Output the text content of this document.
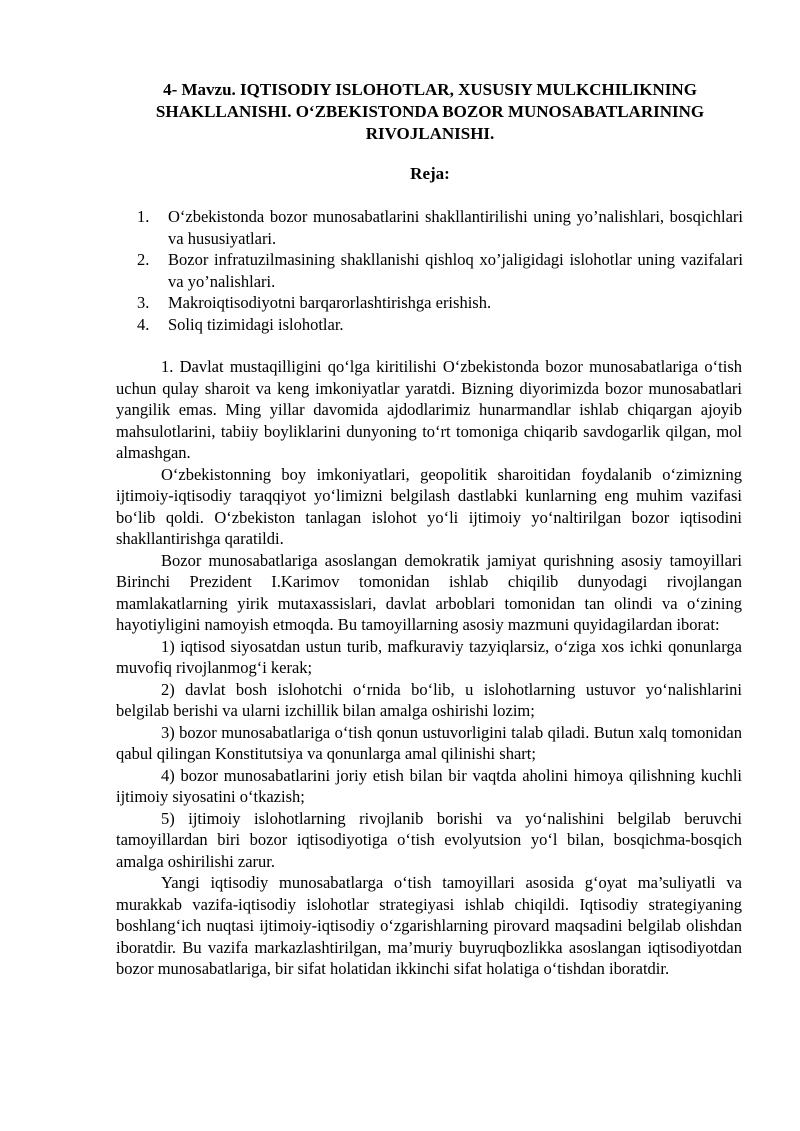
4- Mavzu. IQTISODIY ISLOHOTLAR, XUSUSIY MULKCHILIKNING
SHAKLLANISHI. O‘ZBEKISTONDA BOZOR MUNOSABATLARINING
RIVOJLANISHI.
Reja:
1. O‘zbekistonda bozor munosabatlarini shakllantirilishi uning yo’nalishlari, bosqichlari va hususiyatlari.
2. Bozor infratuzilmasining shakllanishi qishloq xo’jaligidagi islohotlar uning vazifalari va yo’nalishlari.
3. Makroiqtisodiyotni barqarorlashtirishga erishish.
4. Soliq tizimidagi islohotlar.

1. Davlat mustaqilligini qo‘lga kiritilishi O‘zbekistonda bozor munosabatlariga o‘tish uchun qulay sharoit va keng imkoniyatlar yaratdi. Bizning diyorimizda bozor munosabatlari yangilik emas. Ming yillar davomida ajdodlarimiz hunarmandlar ishlab chiqargan ajoyib mahsulotlarini, tabiiy boyliklarini dunyoning to‘rt tomoniga chiqarib savdogarlik qilgan, mol almashgan.

O‘zbekistonning boy imkoniyatlari, geopolitik sharoitidan foydalanib o‘zimizning ijtimoiy-iqtisodiy taraqqiyot yo‘limizni belgilash dastlabki kunlarning eng muhim vazifasi bo‘lib qoldi. O‘zbekiston tanlagan islohot yo‘li ijtimoiy yo‘naltirilgan bozor iqtisodini shakllantirishga qaratildi.

Bozor munosabatlariga asoslangan demokratik jamiyat qurishning asosiy tamoyillari Birinchi Prezident I.Karimov tomonidan ishlab chiqilib dunyodagi rivojlangan mamlakatlarning yirik mutaxassislari, davlat arboblari tomonidan tan olindi va o‘zining hayotiyligini namoyish etmoqda. Bu tamoyillarning asosiy mazmuni quyidagilardan iborat:

1) iqtisod siyosatdan ustun turib, mafkuraviy tazyiqlarsiz, o‘ziga xos ichki qonunlarga muvofiq rivojlanmog‘i kerak;

2) davlat bosh islohotchi o‘rnida bo‘lib, u islohotlarning ustuvor yo‘nalishlarini belgilab berishi va ularni izchillik bilan amalga oshirishi lozim;

3) bozor munosabatlariga o‘tish qonun ustuvorligini talab qiladi. Butun xalq tomonidan qabul qilingan Konstitutsiya va qonunlarga amal qilinishi shart;

4) bozor munosabatlarini joriy etish bilan bir vaqtda aholini himoya qilishning kuchli ijtimoiy siyosatini o‘tkazish;

5) ijtimoiy islohotlarning rivojlanib borishi va yo‘nalishini belgilab beruvchi tamoyillardan biri bozor iqtisodiyotiga o‘tish evolyutsion yo‘l bilan, bosqichma-bosqich amalga oshirilishi zarur.

Yangi iqtisodiy munosabatlarga o‘tish tamoyillari asosida g‘oyat ma’suliyatli va murakkab vazifa-iqtisodiy islohotlar strategiyasi ishlab chiqildi. Iqtisodiy strategiyaning boshlang‘ich nuqtasi ijtimoiy-iqtisodiy o‘zgarishlarning pirovard maqsadini belgilab olishdan iboratdir. Bu vazifa markazlashtirilgan, ma’muriy buyruqbozlikka asoslangan iqtisodiyotdan bozor munosabatlariga, bir sifat holatidan ikkinchi sifat holatiga o‘tishdan iboratdir.
